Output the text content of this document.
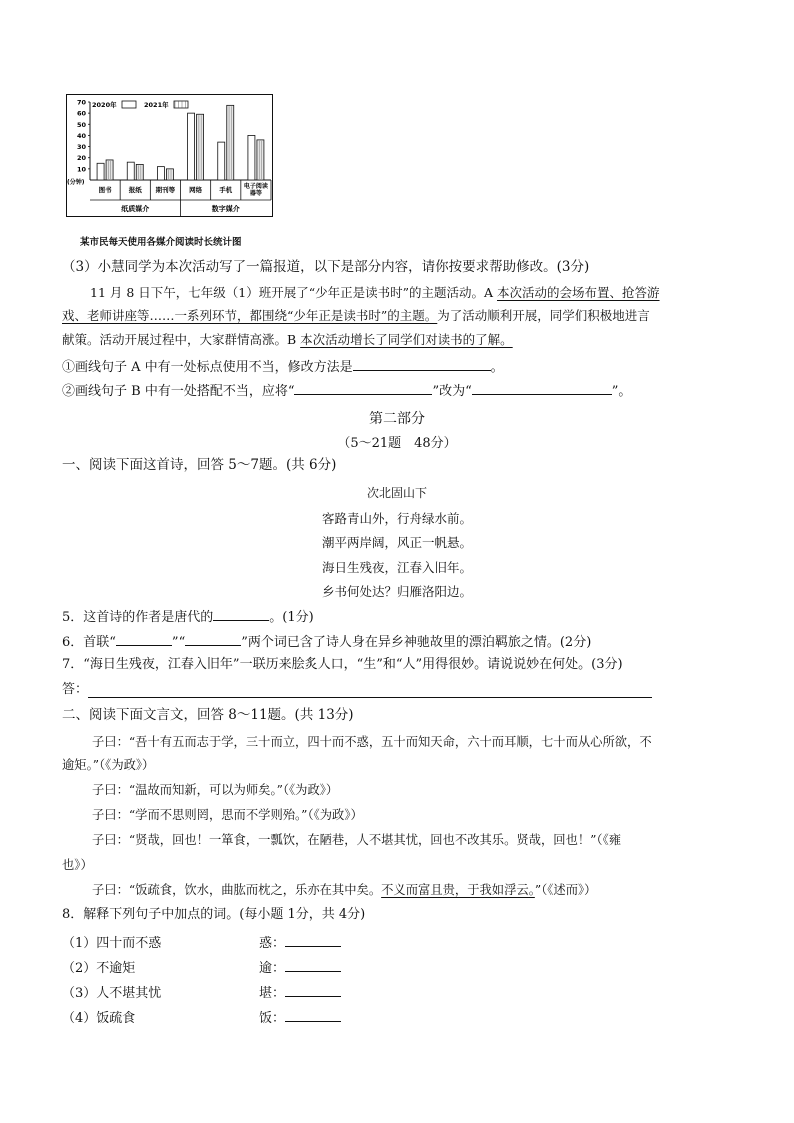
10
20
30
40
50
60
70
(分钟)
2020年	2021年
图书	报纸 期刊等 网络	手机 电子阅读
器等
纸质媒介	数字媒介
某市民每天使用各媒介阅读时长统计图
（3）小慧同学为本次活动写了一篇报道，以下是部分内容，请你按要求帮助修改。(3分)
11 月 8 日下午，七年级（1）班开展了“少年正是读书时”的主题活动。A 本次活动的会场布置、抢答游
戏、老师讲座等……一系列环节，都围绕“少年正是读书时”的主题。为了活动顺利开展，同学们积极地进言
献策。活动开展过程中，大家群情高涨。B 本次活动增长了同学们对读书的了解。
①画线句子 A 中有一处标点使用不当，修改方法是	。
②画线句子 B 中有一处搭配不当，应将“	”改为“	”。
第二部分
（5～21题　48分）
一、阅读下面这首诗，回答 5～7题。(共 6分)
次北固山下
客路青山外，行舟绿水前。
潮平两岸阔，风正一帆悬。
海日生残夜，江春入旧年。
乡书何处达？归雁洛阳边。
5．这首诗的作者是唐代的	。(1分)
6．首联“	”“	”两个词已含了诗人身在异乡神驰故里的漂泊羁旅之情。(2分)
7．“海日生残夜，江春入旧年”一联历来脍炙人口，“生”和“人”用得很妙。请说说妙在何处。(3分)
答：
二、阅读下面文言文，回答 8～11题。(共 13分)
子曰：“吾十有五而志于学，三十而立，四十而不惑，五十而知天命，六十而耳顺，七十而从心所欲，不
逾矩。”（《为政》）
子曰：“温故而知新，可以为师矣。”（《为政》）
子曰：“学而不思则罔，思而不学则殆。”（《为政》）
子曰：“贤哉，回也！一箪食，一瓢饮，在陋巷，人不堪其忧，回也不改其乐。贤哉，回也！”（《雍
也》）
子曰：“饭疏食，饮水，曲肱而枕之，乐亦在其中矣。不义而富且贵，于我如浮云。”（《述而》）
8．解释下列句子中加点的词。(每小题 1分，共 4分)
（1）四十而不惑	惑：
（2）不逾矩	逾：
（3）人不堪其忧	堪：
（4）饭疏食	饭：
